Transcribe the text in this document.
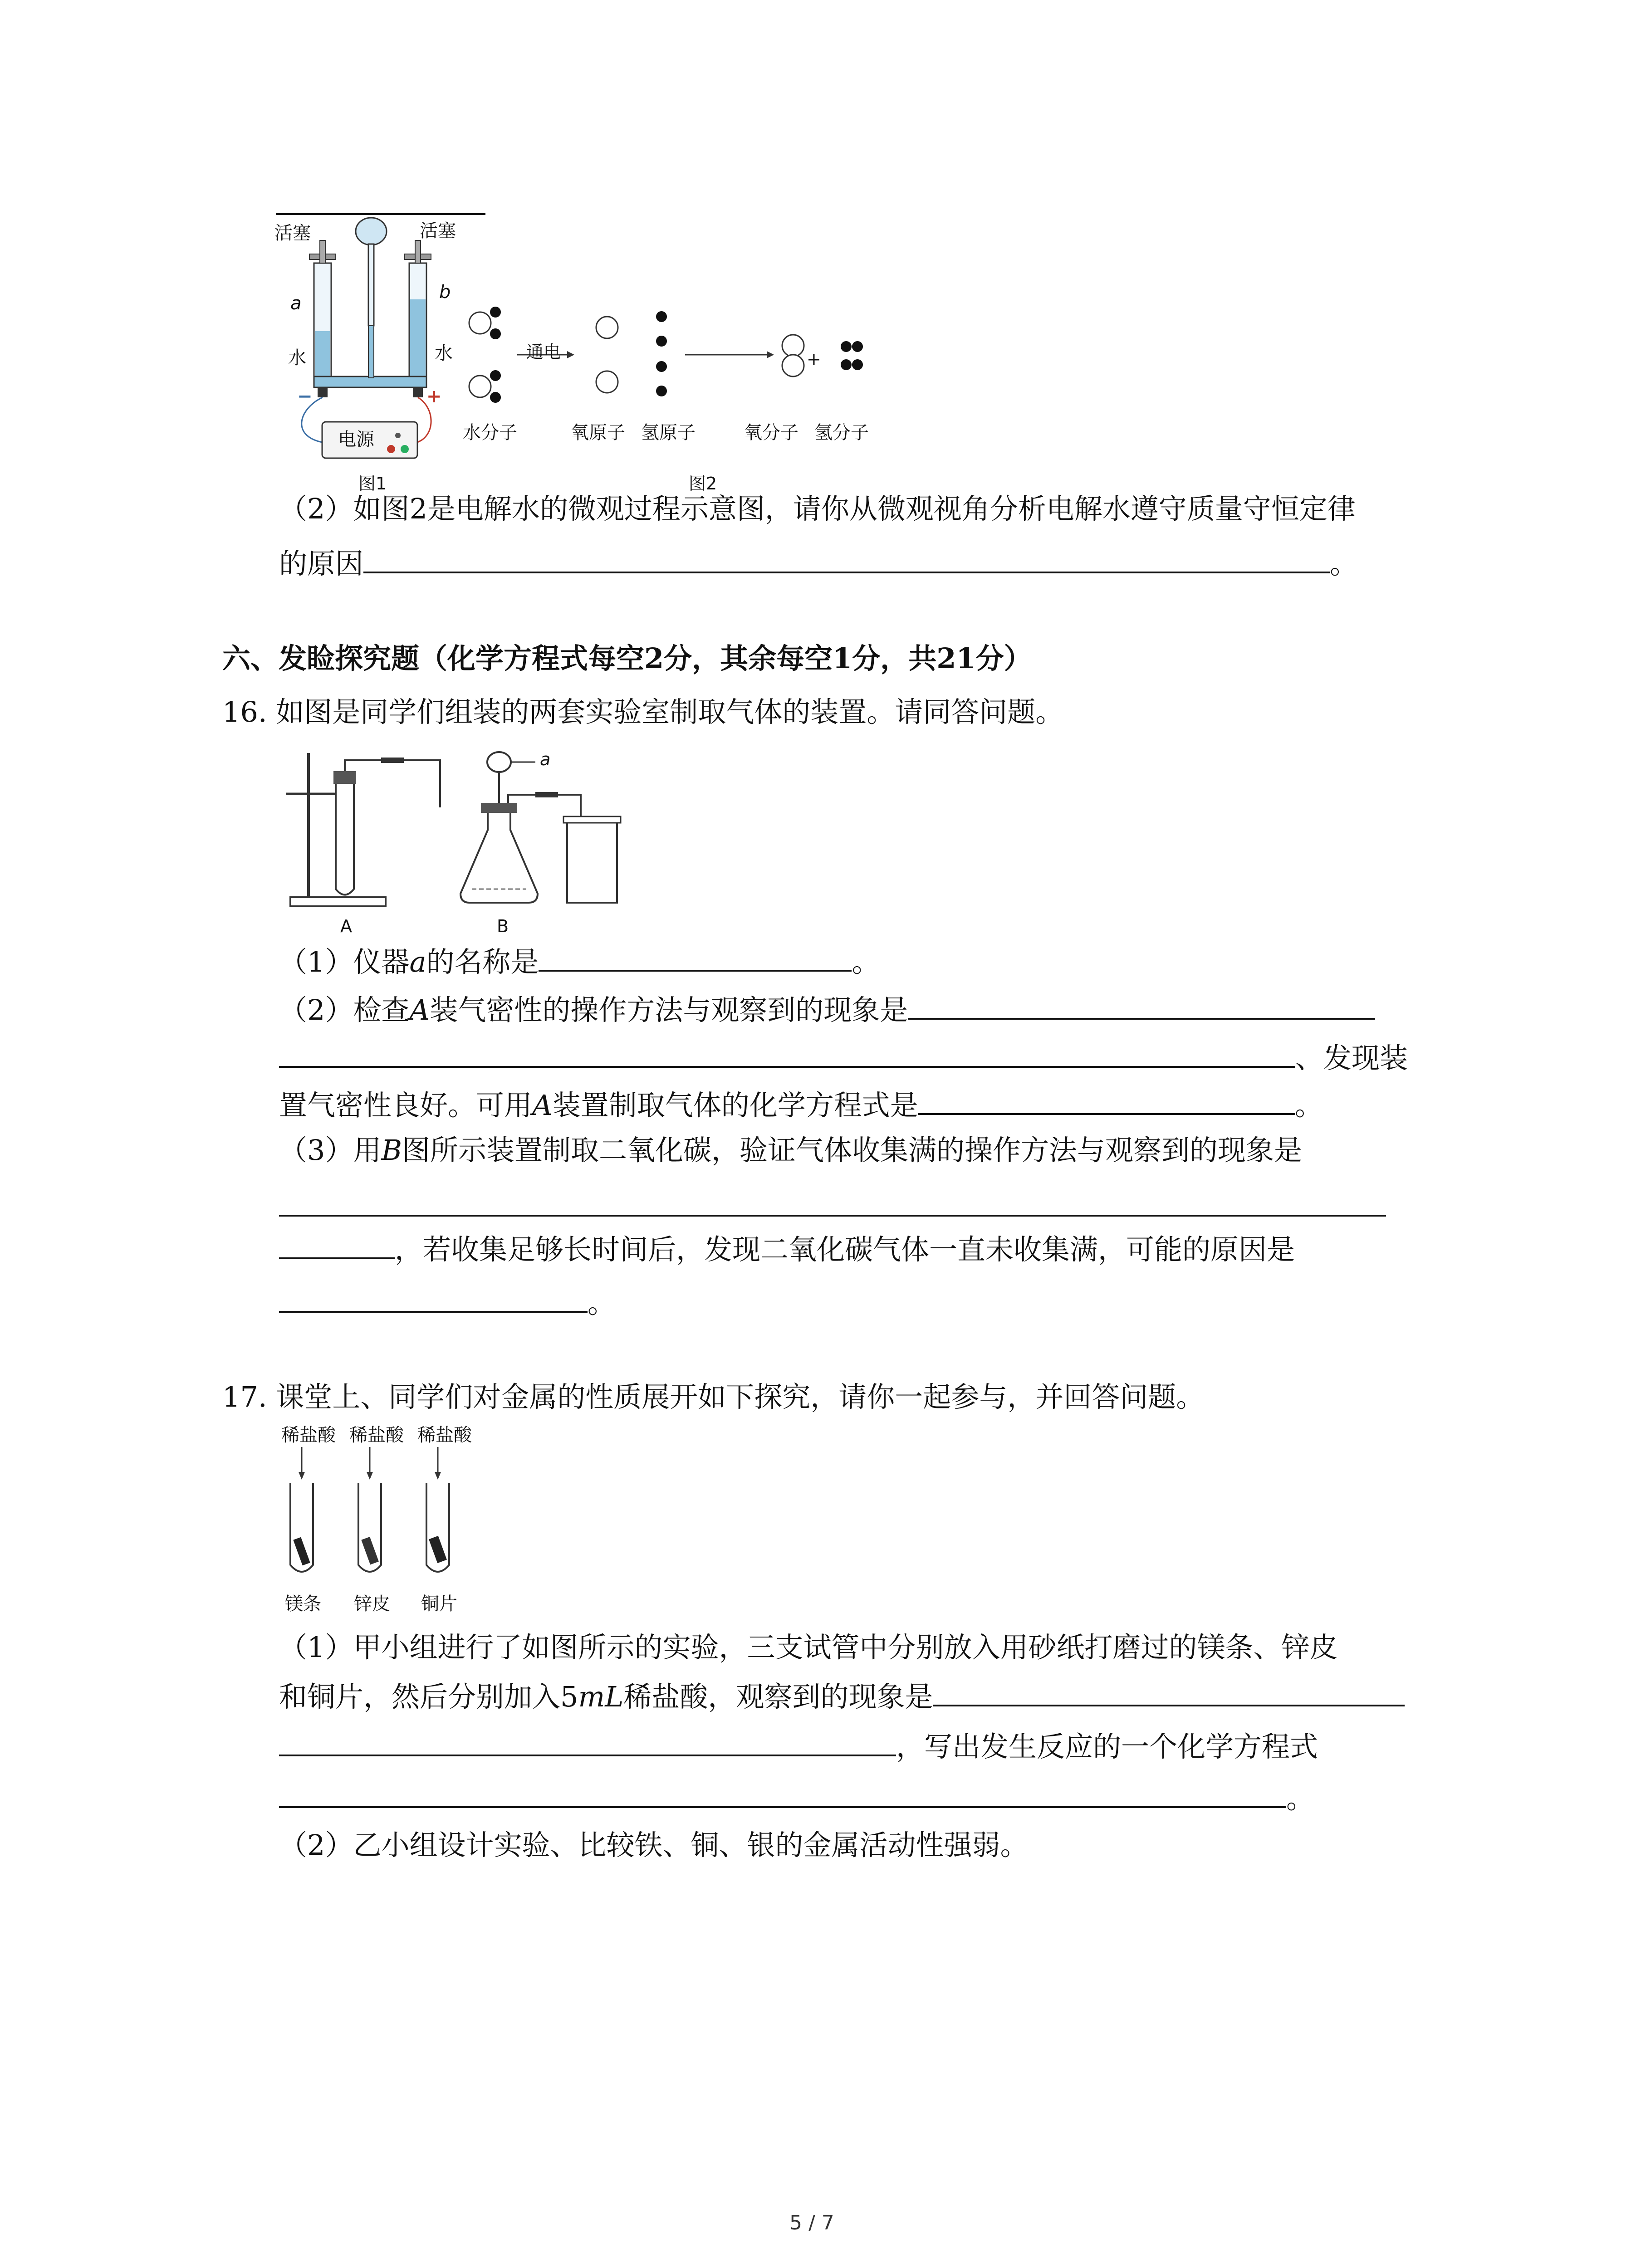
活塞	活塞
a
b
水	水
−	+
电源
图1
通电	+
水分子	氧原子 氢原子	氧分子 氢分子
图2
（2）如图2是电解水的微观过程示意图，请你从微观视角分析电解水遵守质量守恒定律
的原因	。
六、发睑探究题（化学方程式每空2分，其余每空1分，共21分）
16. 如图是同学们组装的两套实验室制取气体的装置。请同答问题。
a
A	B
（1）仪器a的名称是	。
（2）检查A装气密性的操作方法与观察到的现象是
、发现装
置气密性良好。可用A装置制取气体的化学方程式是	。
（3）用B图所示装置制取二氧化碳，验证气体收集满的操作方法与观察到的现象是
，若收集足够长时间后，发现二氧化碳气体一直未收集满，可能的原因是
。
17. 课堂上、同学们对金属的性质展开如下探究，请你一起参与，并回答问题。
稀盐酸 稀盐酸 稀盐酸
镁条 锌皮 铜片
（1）甲小组进行了如图所示的实验，三支试管中分别放入用砂纸打磨过的镁条、锌皮
和铜片，然后分别加入5mL稀盐酸，观察到的现象是
，写出发生反应的一个化学方程式
。
（2）乙小组设计实验、比较铁、铜、银的金属活动性强弱。
5 / 7
